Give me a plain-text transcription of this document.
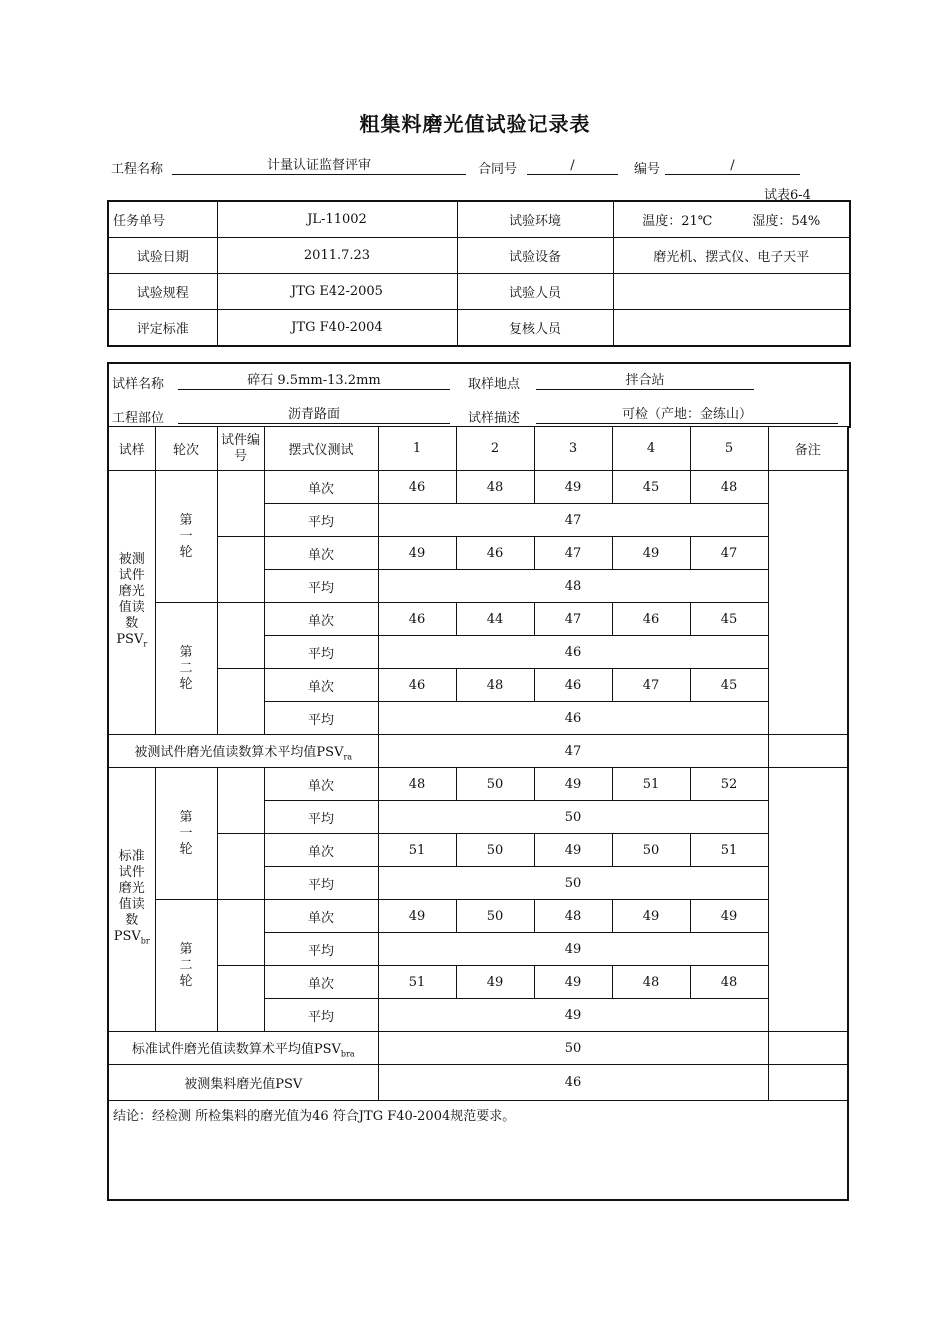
粗集料磨光值试验记录表
工程名称	计量认证监督评审	合同号	/	编号	/
试表6-4
任务单号	JL-11002	试验环境	温度：21℃ 湿度：54%
试验日期	2011.7.23	试验设备	磨光机、摆式仪、电子天平
试验规程	JTG E42-2005	试验人员	
评定标准	JTG F40-2004	复核人员	
试样名称	碎石 9.5mm-13.2mm	取样地点	拌合站
工程部位	沥青路面	试样描述	可检（产地：金练山）
试样	轮次	试件编号	摆式仪测试	1	2	3	4	5	备注
被测试件磨光值读数
$PSV_r$	第一轮		单次	46	48	49	45	48	
			平均	47					
			单次	49	46	47	49	47	
			平均	48					
	第二轮		单次	46	44	47	46	45	
			平均	46					
			单次	46	48	46	47	45	
			平均	46					
被测试件磨光值读数算术平均值$PSV_{ra}$				47					
标准试件磨光值读数
$PSV_{br}$	第一轮		单次	48	50	49	51	52	
			平均	50					
			单次	51	50	49	50	51	
			平均	50					
	第二轮		单次	49	50	48	49	49	
			平均	49					
			单次	51	49	49	48	48	
			平均	49					
标准试件磨光值读数算术平均值$PSV_{bra}$				50					
被测集料磨光值PSV				46					
结论：经检测 所检集料的磨光值为46 符合JTG F40-2004规范要求。									
